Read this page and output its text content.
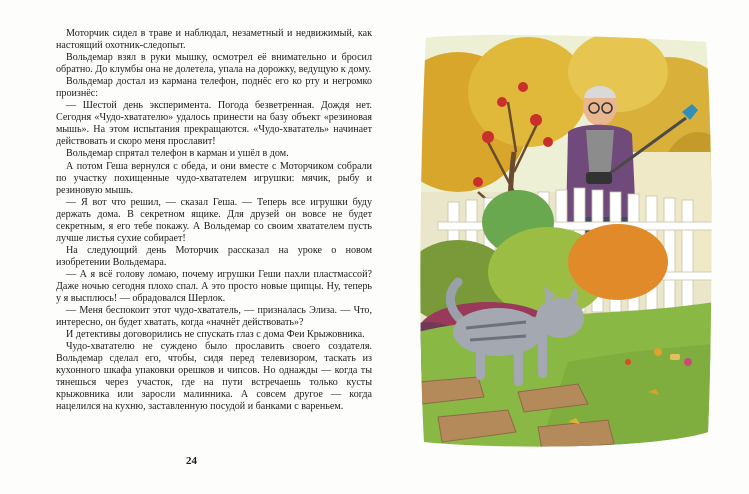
Моторчик сидел в траве и наблюдал, незаметный и недвижимый, как настоящий охотник-следопыт.

Вольдемар взял в руки мышку, осмотрел её внимательно и бросил обратно. До клумбы она не долетела, упала на дорожку, ведущую к дому.

Вольдемар достал из кармана телефон, поднёс его ко рту и негромко произнёс:

— Шестой день эксперимента. Погода безветренная. Дождя нет. Сегодня «Чудо-хватателю» удалось принести на базу объект «резиновая мышь». На этом испытания прекращаются. «Чудо-хвататель» начинает действовать и скоро меня прославит!

Вольдемар спрятал телефон в карман и ушёл в дом.

А потом Геша вернулся с обеда, и они вместе с Моторчиком собрали по участку похищенные чудо-хватателем игрушки: мячик, рыбу и резиновую мышь.

— Я вот что решил, — сказал Геша. — Теперь все игрушки буду держать дома. В секретном ящике. Для друзей он вовсе не будет секретным, я его тебе покажу. А Вольдемар со своим хватателем пусть лучше листья сухие собирает!

На следующий день Моторчик рассказал на уроке о новом изобретении Вольдемара.

— А я всё голову ломаю, почему игрушки Геши пахли пластмассой? Даже ночью сегодня плохо спал. А это просто новые щипцы. Ну, теперь у я высплюсь! — обрадовался Шерлок.

— Меня беспокоит этот чудо-хвататель, — призналась Элиза. — Что, интересно, он будет хватать, когда «начнёт действовать»?

И детективы договорились не спускать глаз с дома Феи Крыжовника.

Чудо-хватателю не суждено было прославить своего создателя. Вольдемар сделал его, чтобы, сидя перед телевизором, таскать из кухонного шкафа упаковки орешков и чипсов. Но однажды — когда ты тянешься через участок, где на пути встречаешь только кусты крыжовника или заросли малинника. А совсем другое — когда нацелился на кухню, заставленную посудой и банками с вареньем.

24
